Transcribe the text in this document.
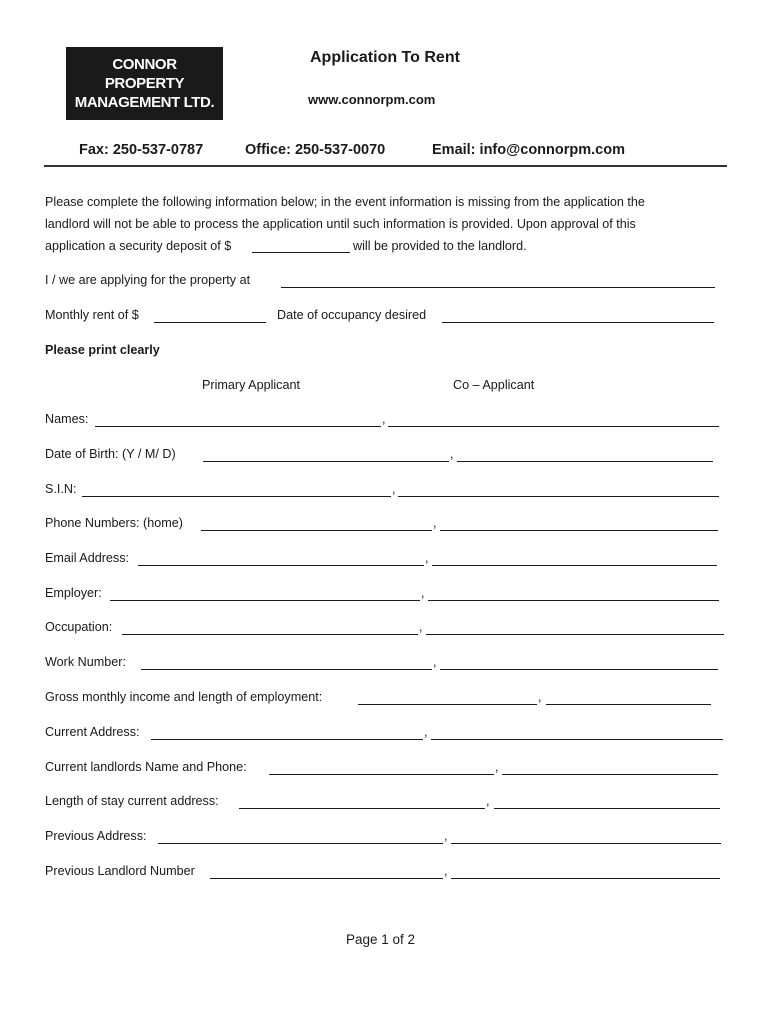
CONNOR
PROPERTY
MANAGEMENT LTD.
Application To Rent
www.connorpm.com
Fax: 250-537-0787	Office: 250-537-0070	Email: info@connorpm.com
Please complete the following information below; in the event information is missing from the application the
landlord will not be able to process the application until such information is provided. Upon approval of this
application a security deposit of $	will be provided to the landlord.
I / we are applying for the property at
Monthly rent of $	Date of occupancy desired
Please print clearly
Primary Applicant	Co – Applicant
Names:	,
Date of Birth: (Y / M/ D)	,
S.I.N:	,
Phone Numbers: (home)	,
Email Address:	,
Employer:	,
Occupation:	,
Work Number:	,
Gross monthly income and length of employment:	,
Current Address:	,
Current landlords Name and Phone:	,
Length of stay current address:	,
Previous Address:	,
Previous Landlord Number	,
Page 1 of 2
